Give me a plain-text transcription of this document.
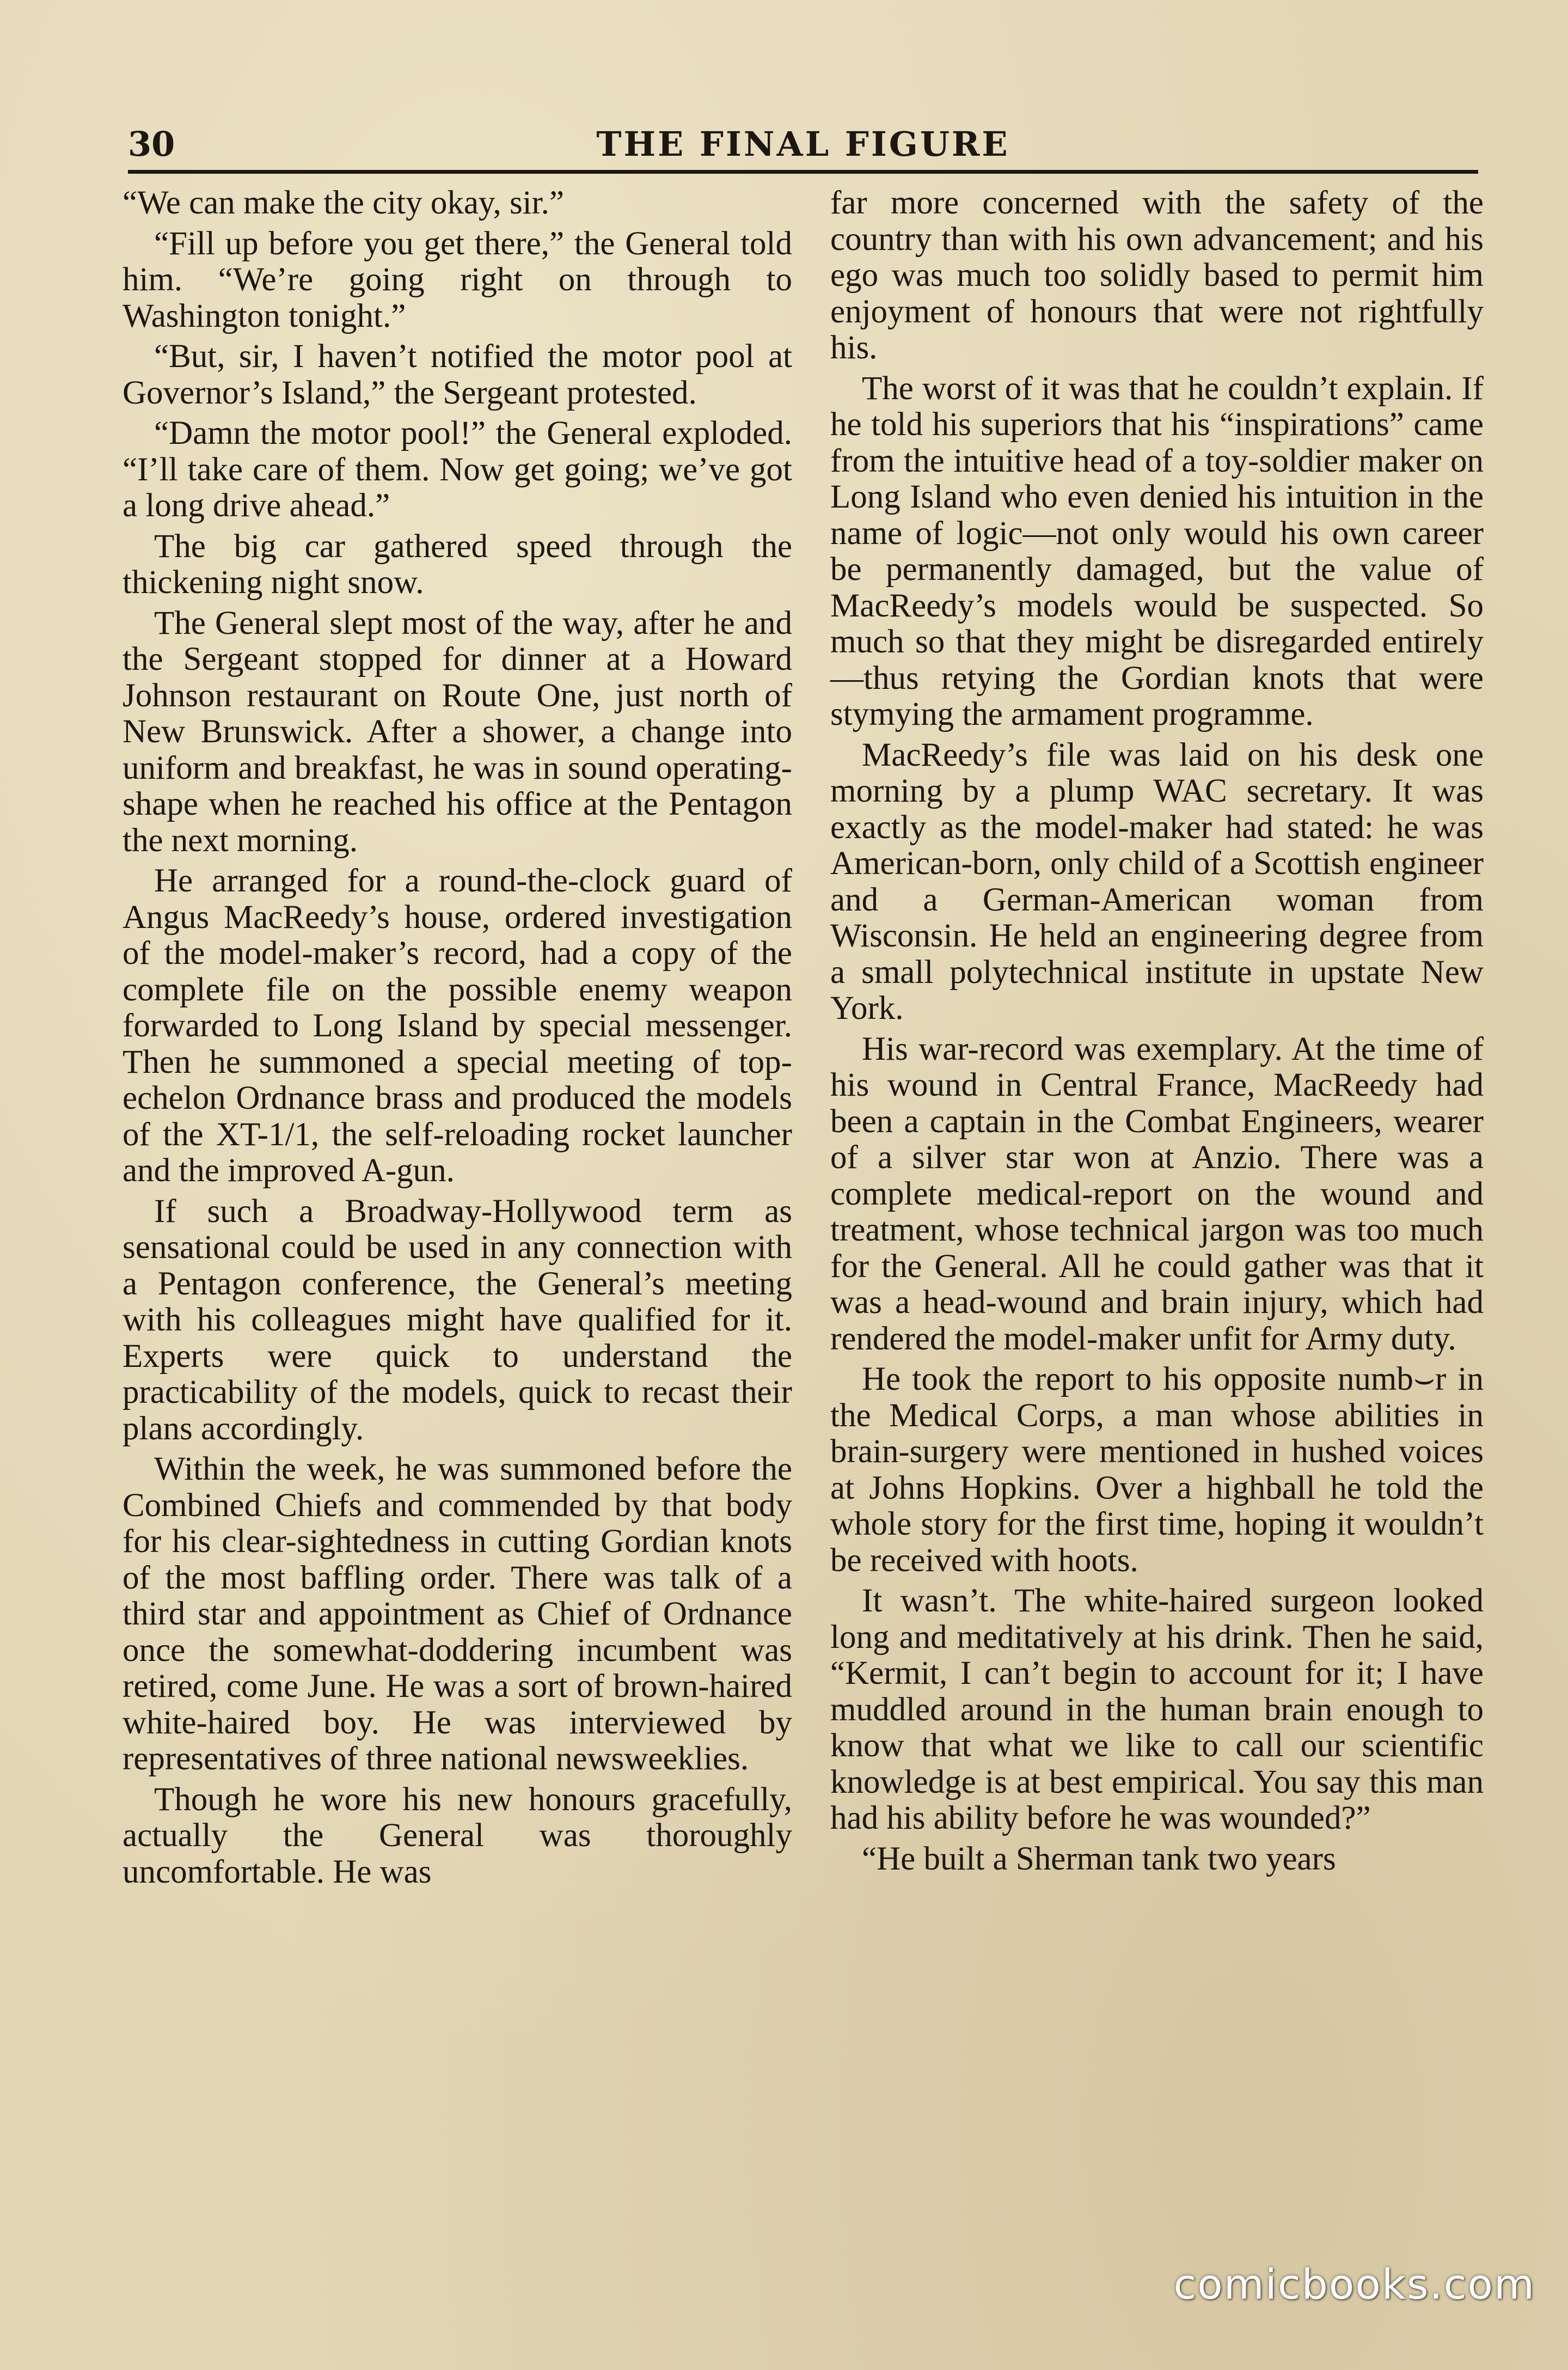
30	THE FINAL FIGURE

“We can make the city okay, sir.”

“Fill up before you get there,” the General told him. “We’re going right on through to Washington tonight.”

“But, sir, I haven’t notified the motor pool at Governor’s Island,” the Sergeant protested.

“Damn the motor pool!” the General exploded. “I’ll take care of them. Now get going; we’ve got a long drive ahead.”

The big car gathered speed through the thickening night snow.

The General slept most of the way, after he and the Sergeant stopped for dinner at a Howard Johnson restaurant on Route One, just north of New Brunswick. After a shower, a change into uniform and breakfast, he was in sound operating-shape when he reached his office at the Pentagon the next morning.

He arranged for a round-the-clock guard of Angus MacReedy’s house, ordered investigation of the model-maker’s record, had a copy of the complete file on the possible enemy weapon forwarded to Long Island by special messenger. Then he summoned a special meeting of top-echelon Ordnance brass and produced the models of the XT-1/1, the self-reloading rocket launcher and the improved A-gun.

If such a Broadway-Hollywood term as sensational could be used in any connection with a Pentagon conference, the General’s meeting with his colleagues might have qualified for it. Experts were quick to understand the practicability of the models, quick to recast their plans accordingly.

Within the week, he was summoned before the Combined Chiefs and commended by that body for his clear-sightedness in cutting Gordian knots of the most baffling order. There was talk of a third star and appointment as Chief of Ordnance once the somewhat-doddering incumbent was retired, come June. He was a sort of brown-haired white-haired boy. He was interviewed by representatives of three national newsweeklies.

Though he wore his new honours gracefully, actually the General was thoroughly uncomfortable. He was

far more concerned with the safety of the country than with his own advancement; and his ego was much too solidly based to permit him enjoyment of honours that were not rightfully his.

The worst of it was that he couldn’t explain. If he told his superiors that his “inspirations” came from the intuitive head of a toy-soldier maker on Long Island who even denied his intuition in the name of logic—not only would his own career be permanently damaged, but the value of MacReedy’s models would be suspected. So much so that they might be disregarded entirely—thus retying the Gordian knots that were stymying the armament programme.

MacReedy’s file was laid on his desk one morning by a plump WAC secretary. It was exactly as the model-maker had stated: he was American-born, only child of a Scottish engineer and a German-American woman from Wisconsin. He held an engineering degree from a small polytechnical institute in upstate New York.

His war-record was exemplary. At the time of his wound in Central France, MacReedy had been a captain in the Combat Engineers, wearer of a silver star won at Anzio. There was a complete medical-report on the wound and treatment, whose technical jargon was too much for the General. All he could gather was that it was a head-wound and brain injury, which had rendered the model-maker unfit for Army duty.

He took the report to his opposite numb⌣r in the Medical Corps, a man whose abilities in brain-surgery were mentioned in hushed voices at Johns Hopkins. Over a highball he told the whole story for the first time, hoping it wouldn’t be received with hoots.

It wasn’t. The white-haired surgeon looked long and meditatively at his drink. Then he said, “Kermit, I can’t begin to account for it; I have muddled around in the human brain enough to know that what we like to call our scientific knowledge is at best empirical. You say this man had his ability before he was wounded?”

“He built a Sherman tank two years

comicbooks.com
